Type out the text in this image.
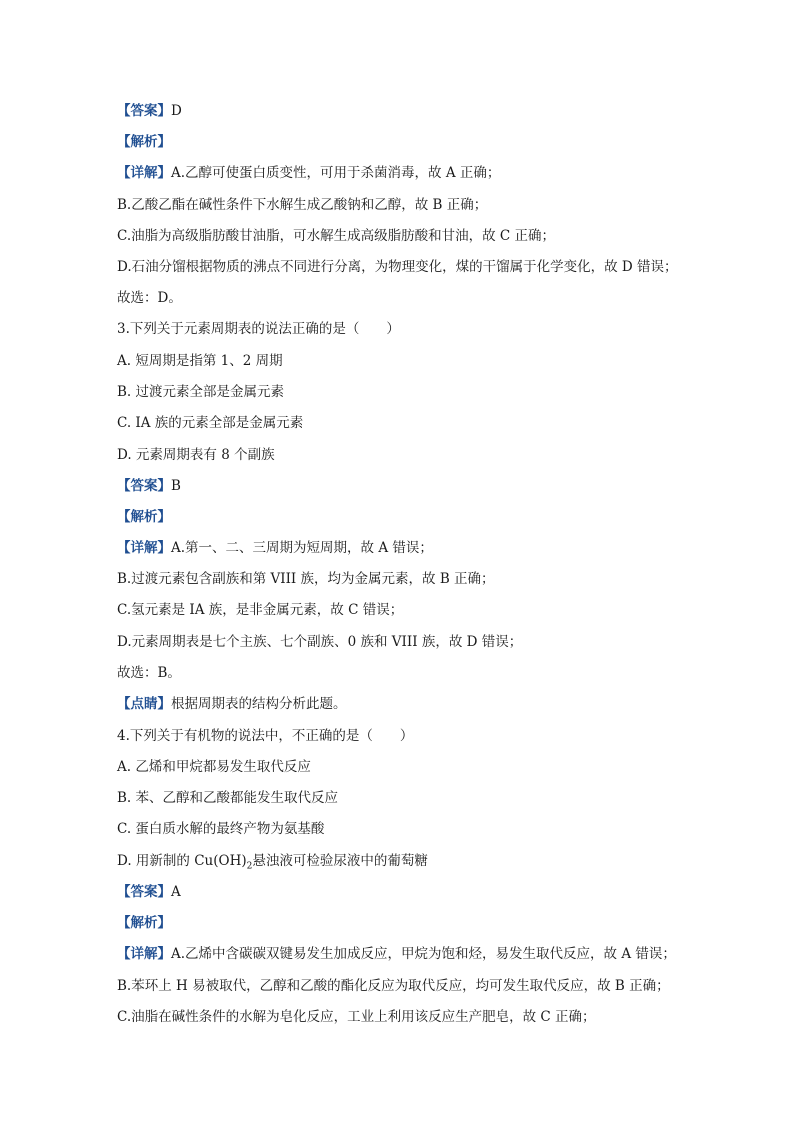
【答案】D
【解析】
【详解】A.乙醇可使蛋白质变性，可用于杀菌消毒，故 A 正确；
B.乙酸乙酯在碱性条件下水解生成乙酸钠和乙醇，故 B 正确；
C.油脂为高级脂肪酸甘油脂，可水解生成高级脂肪酸和甘油，故 C 正确；
D.石油分馏根据物质的沸点不同进行分离，为物理变化，煤的干馏属于化学变化，故 D 错误；
故选：D。
3.下列关于元素周期表的说法正确的是（　　）
A. 短周期是指第 1、2 周期
B. 过渡元素全部是金属元素
C. IA 族的元素全部是金属元素
D. 元素周期表有 8 个副族
【答案】B
【解析】
【详解】A.第一、二、三周期为短周期，故 A 错误；
B.过渡元素包含副族和第 VIII 族，均为金属元素，故 B 正确；
C.氢元素是 IA 族，是非金属元素，故 C 错误；
D.元素周期表是七个主族、七个副族、0 族和 VIII 族，故 D 错误；
故选：B。
【点睛】根据周期表的结构分析此题。
4.下列关于有机物的说法中，不正确的是（　　）
A. 乙烯和甲烷都易发生取代反应
B. 苯、乙醇和乙酸都能发生取代反应
C. 蛋白质水解的最终产物为氨基酸
D. 用新制的 $Cu(OH)_2$悬浊液可检验尿液中的葡萄糖
【答案】A
【解析】
【详解】A.乙烯中含碳碳双键易发生加成反应，甲烷为饱和烃，易发生取代反应，故 A 错误；
B.苯环上 H 易被取代，乙醇和乙酸的酯化反应为取代反应，均可发生取代反应，故 B 正确；
C.油脂在碱性条件的水解为皂化反应，工业上利用该反应生产肥皂，故 C 正确；
